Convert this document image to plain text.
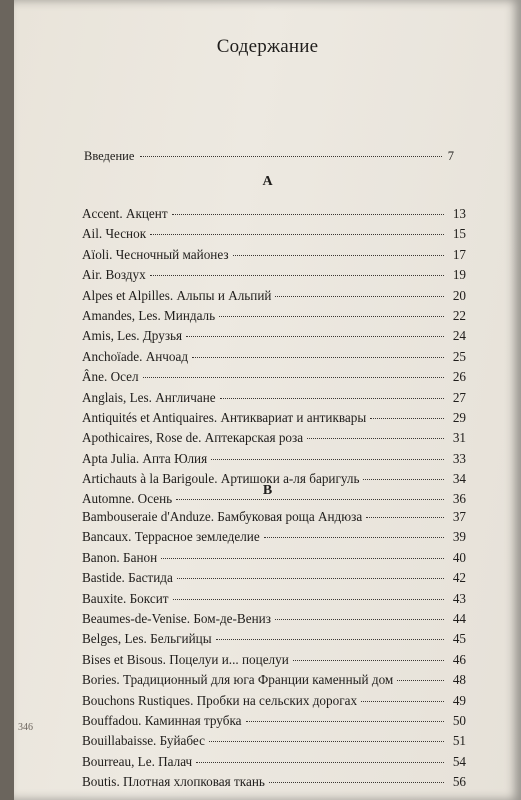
Содержание
Введение	7
A
Accent. Акцент	13
Ail. Чеснок	15
Aïoli. Чесночный майонез	17
Air. Воздух	19
Alpes et Alpilles. Альпы и Альпий	20
Amandes, Les. Миндаль	22
Amis, Les. Друзья	24
Anchoïade. Анчоад	25
Âne. Осел	26
Anglais, Les. Англичане	27
Antiquités et Antiquaires. Антиквариат и антиквары	29
Apothicaires, Rose de. Аптекарская роза	31
Apta Julia. Апта Юлия	33
Artichauts à la Barigoule. Артишоки а-ля баригуль	34
Automne. Осень	36
B
Bambouseraie d'Anduze. Бамбуковая роща Андюза	37
Bancaux. Террасное земледелие	39
Banon. Банон	40
Bastide. Бастида	42
Bauxite. Боксит	43
Beaumes-de-Venise. Бом-де-Вениз	44
Belges, Les. Бельгийцы	45
Bises et Bisous. Поцелуи и... поцелуи	46
Bories. Традиционный для юга Франции каменный дом	48
Bouchons Rustiques. Пробки на сельских дорогах	49
Bouffadou. Каминная трубка	50
Bouillabaisse. Буйабес	51
Bourreau, Le. Палач	54
Boutis. Плотная хлопковая ткань	56
346
